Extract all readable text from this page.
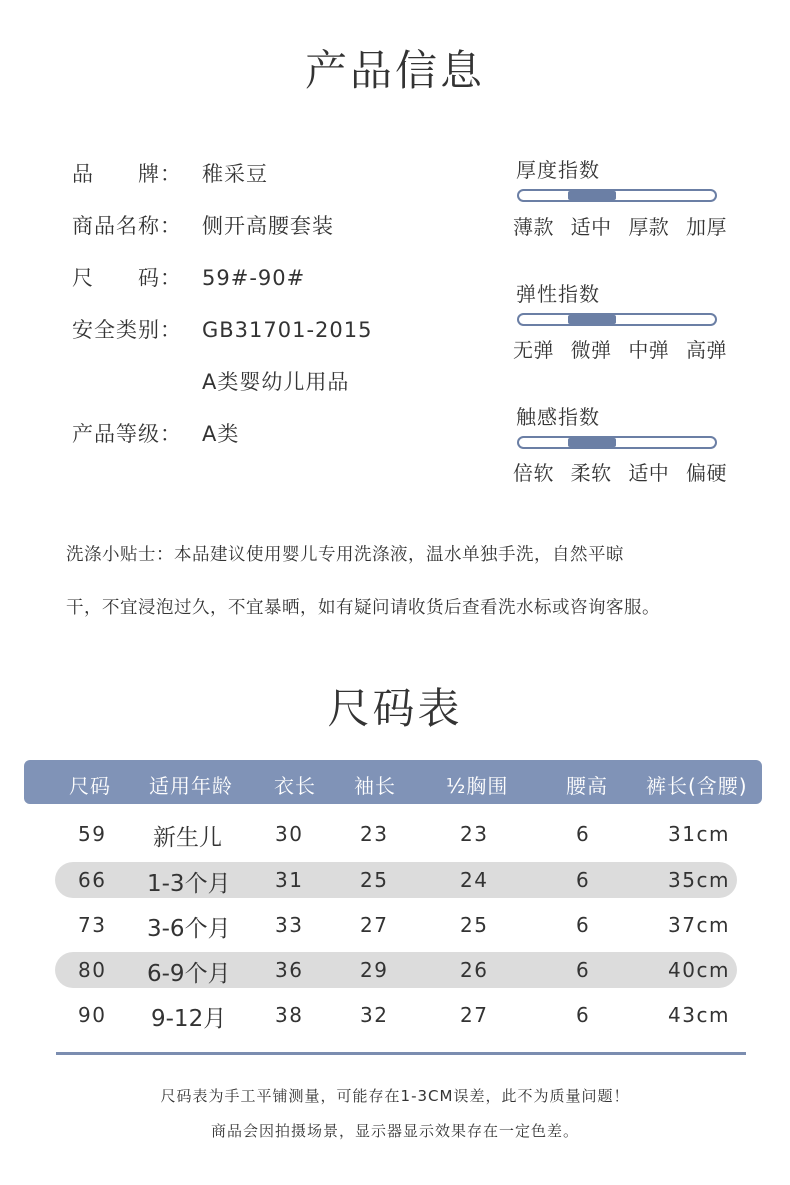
产品信息
品　　牌： 稚采豆
商品名称： 侧开高腰套装
尺　　码： 59#-90#
安全类别： GB31701-2015
A类婴幼儿用品
产品等级： A类
厚度指数
薄款 适中 厚款 加厚
弹性指数
无弹 微弹 中弹 高弹
触感指数
倍软 柔软 适中 偏硬
洗涤小贴士：本品建议使用婴儿专用洗涤液，温水单独手洗，自然平晾
干，不宜浸泡过久，不宜暴晒，如有疑问请收货后查看洗水标或咨询客服。
尺码表
尺码 适用年龄 衣长 袖长	½胸围	腰高 裤长(含腰)
59 新生儿	30	23	23	6	31cm
66 1-3个月 31	25	24	6	35cm
73 3-6个月 33	27	25	6	37cm
80 6-9个月 36	29	26	6	40cm
90 9-12月 38	32	27	6	43cm
尺码表为手工平铺测量，可能存在1-3CM误差，此不为质量问题！
商品会因拍摄场景，显示器显示效果存在一定色差。
